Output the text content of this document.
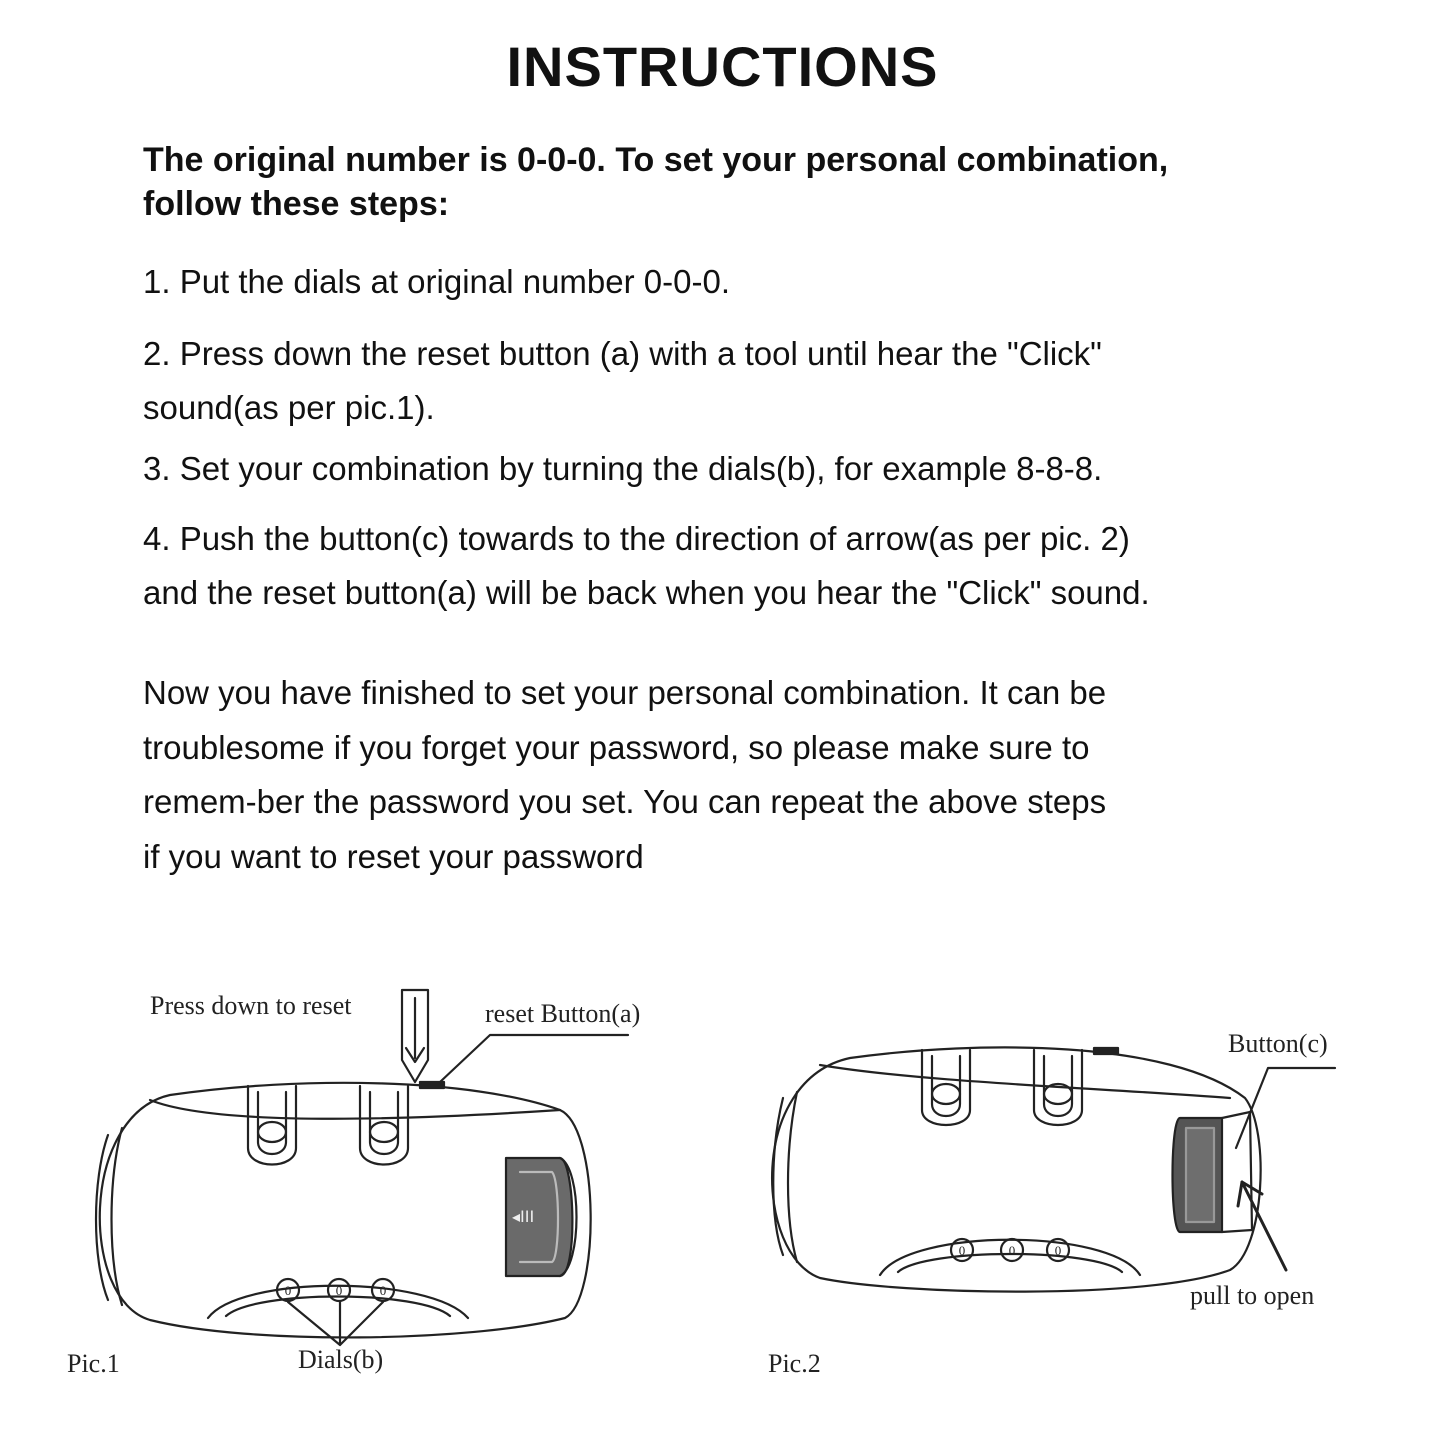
INSTRUCTIONS

The original number is 0-0-0. To set your personal combination,
follow these steps:

1. Put the dials at original number 0-0-0.

2. Press down the reset button (a) with a tool until hear the "Click"
sound(as per pic.1).

3. Set your combination by turning the dials(b), for example 8-8-8.

4. Push the button(c) towards to the direction of arrow(as per pic. 2)
and the reset button(a) will be back when you hear the "Click" sound.

Now you have finished to set your personal combination. It can be
troublesome if you forget your password, so please make sure to
remem-ber the password you set. You can repeat the above steps
if you want to reset your password
◂III
0	0	0
0	0	0
Press down to reset	reset Button(a)
Dials(b)
Pic.1
Button(c)
pull to open
Pic.2
